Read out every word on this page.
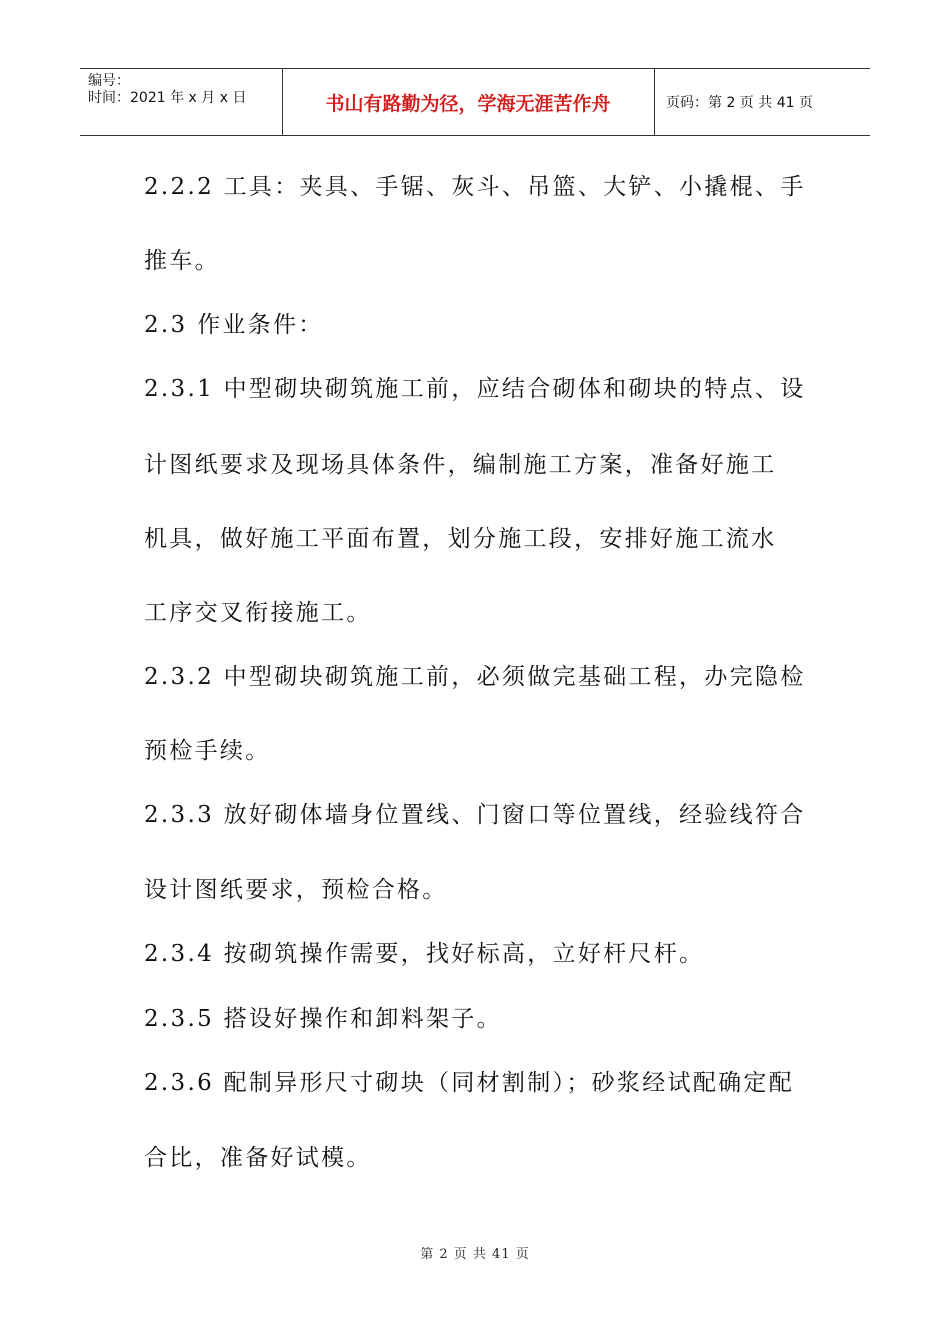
编号：
时间：2021 年 x 月 x 日	书山有路勤为径，学海无涯苦作舟	页码：第 2 页 共 41 页
2.2.2 工具：夹具、手锯、灰斗、吊篮、大铲、小撬棍、手
推车。
2.3 作业条件：
2.3.1 中型砌块砌筑施工前，应结合砌体和砌块的特点、设
计图纸要求及现场具体条件，编制施工方案，准备好施工
机具，做好施工平面布置，划分施工段，安排好施工流水
工序交叉衔接施工。
2.3.2 中型砌块砌筑施工前，必须做完基础工程，办完隐检
预检手续。
2.3.3 放好砌体墙身位置线、门窗口等位置线，经验线符合
设计图纸要求，预检合格。
2.3.4 按砌筑操作需要，找好标高，立好杆尺杆。
2.3.5 搭设好操作和卸料架子。
2.3.6 配制异形尺寸砌块（同材割制）；砂浆经试配确定配
合比，准备好试模。
第 2 页 共 41 页
